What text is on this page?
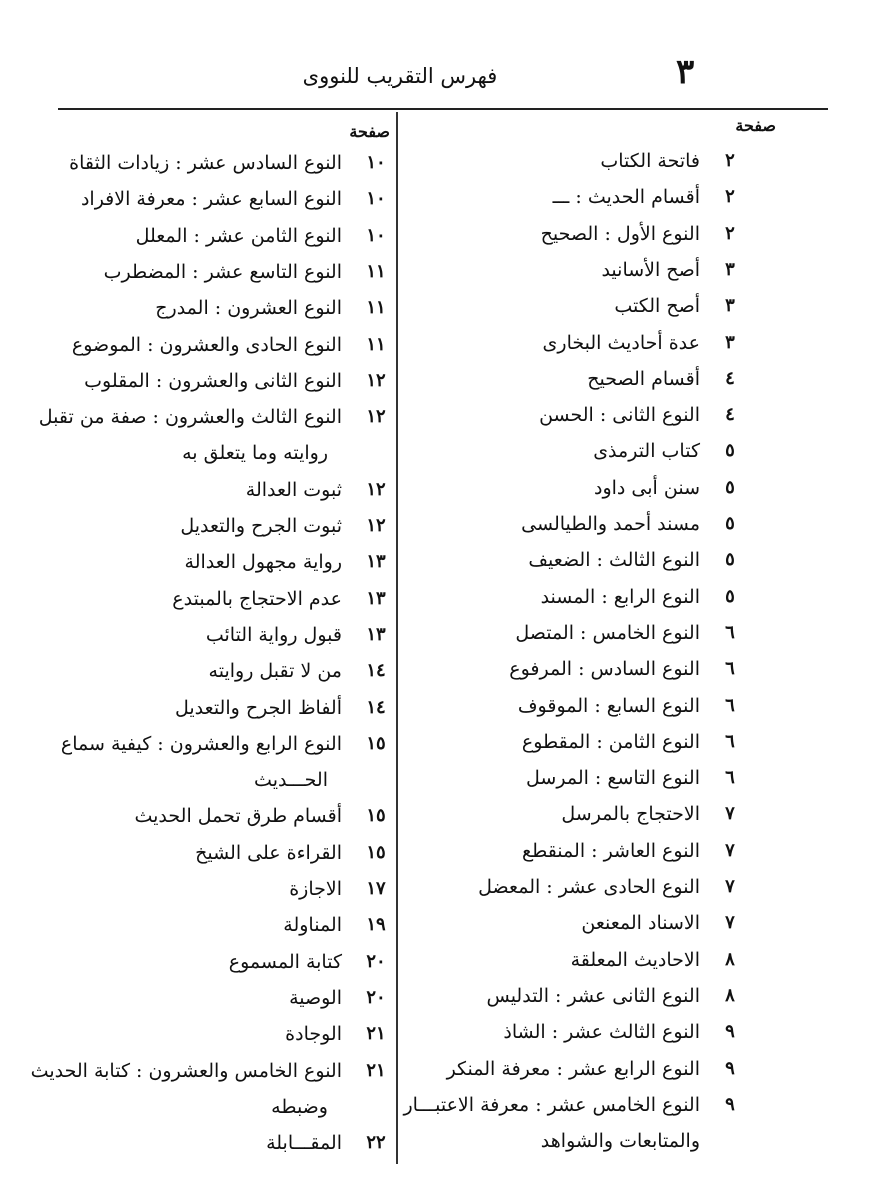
فهرس التقريب للنووى	٣
صفحة
٢
فاتحة الكتاب
٢
أقسام الحديث : ـــ
٢
النوع الأول : الصحيح
٣
أصح الأسانيد
٣
أصح الكتب
٣
عدة أحاديث البخارى
٤
أقسام الصحيح
٤
النوع الثانى : الحسن
٥
كتاب الترمذى
٥
سنن أبى داود
٥
مسند أحمد والطيالسى
٥
النوع الثالث : الضعيف
٥
النوع الرابع : المسند
٦
النوع الخامس : المتصل
٦
النوع السادس : المرفوع
٦
النوع السابع : الموقوف
٦
النوع الثامن : المقطوع
٦
النوع التاسع : المرسل
٧
الاحتجاج بالمرسل
٧
النوع العاشر : المنقطع
٧
النوع الحادى عشر : المعضل
٧
الاسناد المعنعن
٨
الاحاديث المعلقة
٨
النوع الثانى عشر : التدليس
٩
النوع الثالث عشر : الشاذ
٩
النوع الرابع عشر : معرفة المنكر
٩
النوع الخامس عشر : معرفة الاعتبـــار
والمتابعات والشواهد
صفحة
١٠
النوع السادس عشر : زيادات الثقاة
١٠
النوع السابع عشر : معرفة الافراد
١٠
النوع الثامن عشر : المعلل
١١
النوع التاسع عشر : المضطرب
١١
النوع العشرون : المدرج
١١
النوع الحادى والعشرون : الموضوع
١٢
النوع الثانى والعشرون : المقلوب
١٢
النوع الثالث والعشرون : صفة من تقبل
روايته وما يتعلق به
١٢
ثبوت العدالة
١٢
ثبوت الجرح والتعديل
١٣
رواية مجهول العدالة
١٣
عدم الاحتجاج بالمبتدع
١٣
قبول رواية التائب
١٤
من لا تقبل روايته
١٤
ألفاظ الجرح والتعديل
١٥
النوع الرابع والعشرون : كيفية سماع
الحـــديث
١٥
أقسام طرق تحمل الحديث
١٥
القراءة على الشيخ
١٧
الاجازة
١٩
المناولة
٢٠
كتابة المسموع
٢٠
الوصية
٢١
الوجادة
٢١
النوع الخامس والعشرون : كتابة الحديث
وضبطه
٢٢
المقـــابلة
